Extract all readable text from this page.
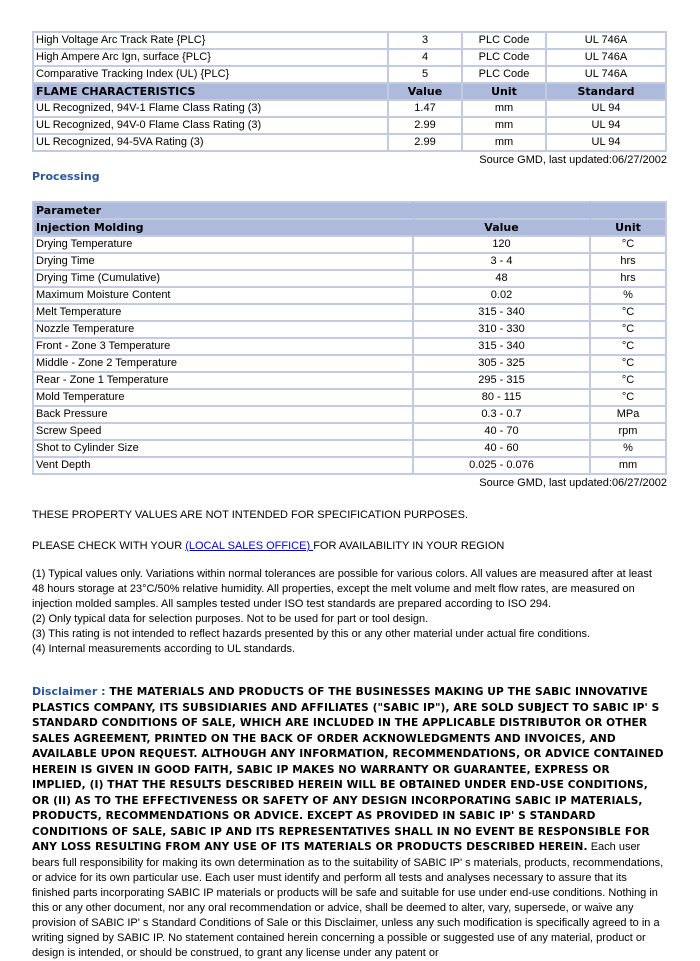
High Voltage Arc Track Rate {PLC}	3	PLC Code	UL 746A
High Ampere Arc Ign, surface {PLC}	4	PLC Code	UL 746A
Comparative Tracking Index (UL) {PLC}	5	PLC Code	UL 746A
FLAME CHARACTERISTICS	Value	Unit	Standard
UL Recognized, 94V-1 Flame Class Rating (3)	1.47	mm	UL 94
UL Recognized, 94V-0 Flame Class Rating (3)	2.99	mm	UL 94
UL Recognized, 94-5VA Rating (3)	2.99	mm	UL 94
Source GMD, last updated:06/27/2002
Processing
Parameter		
Injection Molding	Value	Unit
Drying Temperature	120	°C
Drying Time	3 - 4	hrs
Drying Time (Cumulative)	48	hrs
Maximum Moisture Content	0.02	%
Melt Temperature	315 - 340	°C
Nozzle Temperature	310 - 330	°C
Front - Zone 3 Temperature	315 - 340	°C
Middle - Zone 2 Temperature	305 - 325	°C
Rear - Zone 1 Temperature	295 - 315	°C
Mold Temperature	80 - 115	°C
Back Pressure	0.3 - 0.7	MPa
Screw Speed	40 - 70	rpm
Shot to Cylinder Size	40 - 60	%
Vent Depth	0.025 - 0.076	mm
Source GMD, last updated:06/27/2002
THESE PROPERTY VALUES ARE NOT INTENDED FOR SPECIFICATION PURPOSES.
PLEASE CHECK WITH YOUR (LOCAL SALES OFFICE) FOR AVAILABILITY IN YOUR REGION

(1) Typical values only. Variations within normal tolerances are possible for various colors. All values are measured after at least 48 hours storage at 23°C/50% relative humidity. All properties, except the melt volume and melt flow rates, are measured on injection molded samples. All samples tested under ISO test standards are prepared according to ISO 294.

(2) Only typical data for selection purposes. Not to be used for part or tool design.

(3) This rating is not intended to reflect hazards presented by this or any other material under actual fire conditions.

(4) Internal measurements according to UL standards.

Disclaimer : THE MATERIALS AND PRODUCTS OF THE BUSINESSES MAKING UP THE SABIC INNOVATIVE PLASTICS COMPANY, ITS SUBSIDIARIES AND AFFILIATES ("SABIC IP"), ARE SOLD SUBJECT TO SABIC IP' S STANDARD CONDITIONS OF SALE, WHICH ARE INCLUDED IN THE APPLICABLE DISTRIBUTOR OR OTHER SALES AGREEMENT, PRINTED ON THE BACK OF ORDER ACKNOWLEDGMENTS AND INVOICES, AND AVAILABLE UPON REQUEST. ALTHOUGH ANY INFORMATION, RECOMMENDATIONS, OR ADVICE CONTAINED HEREIN IS GIVEN IN GOOD FAITH, SABIC IP MAKES NO WARRANTY OR GUARANTEE, EXPRESS OR IMPLIED, (I) THAT THE RESULTS DESCRIBED HEREIN WILL BE OBTAINED UNDER END-USE CONDITIONS, OR (II) AS TO THE EFFECTIVENESS OR SAFETY OF ANY DESIGN INCORPORATING SABIC IP MATERIALS, PRODUCTS, RECOMMENDATIONS OR ADVICE. EXCEPT AS PROVIDED IN SABIC IP' S STANDARD CONDITIONS OF SALE, SABIC IP AND ITS REPRESENTATIVES SHALL IN NO EVENT BE RESPONSIBLE FOR ANY LOSS RESULTING FROM ANY USE OF ITS MATERIALS OR PRODUCTS DESCRIBED HEREIN. Each user bears full responsibility for making its own determination as to the suitability of SABIC IP' s materials, products, recommendations, or advice for its own particular use. Each user must identify and perform all tests and analyses necessary to assure that its finished parts incorporating SABIC IP materials or products will be safe and suitable for use under end-use conditions. Nothing in this or any other document, nor any oral recommendation or advice, shall be deemed to alter, vary, supersede, or waive any provision of SABIC IP' s Standard Conditions of Sale or this Disclaimer, unless any such modification is specifically agreed to in a writing signed by SABIC IP. No statement contained herein concerning a possible or suggested use of any material, product or design is intended, or should be construed, to grant any license under any patent or
